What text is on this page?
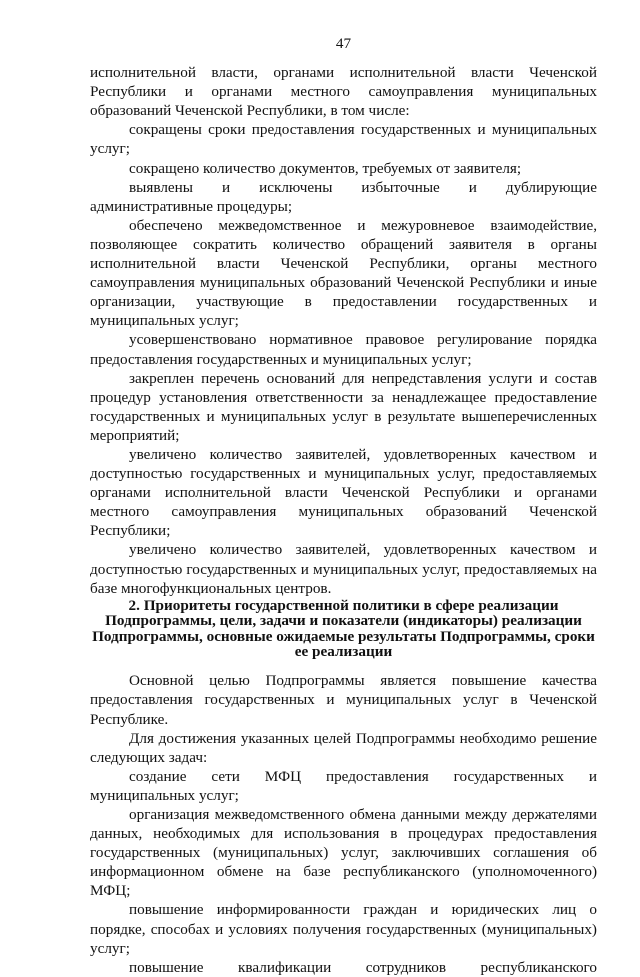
47

исполнительной власти, органами исполнительной власти Чеченской Республики и органами местного самоуправления муниципальных образований Чеченской Республики, в том числе:

сокращены сроки предоставления государственных и муниципальных услуг;

сокращено количество документов, требуемых от заявителя;

выявлены и исключены избыточные и дублирующие административные процедуры;

обеспечено межведомственное и межуровневое взаимодействие, позволяющее сократить количество обращений заявителя в органы исполнительной власти Чеченской Республики, органы местного самоуправления муниципальных образований Чеченской Республики и иные организации, участвующие в предоставлении государственных и муниципальных услуг;

усовершенствовано нормативное правовое регулирование порядка предоставления государственных и муниципальных услуг;

закреплен перечень оснований для непредставления услуги и состав процедур установления ответственности за ненадлежащее предоставление государственных и муниципальных услуг в результате вышеперечисленных мероприятий;

увеличено количество заявителей, удовлетворенных качеством и доступностью государственных и муниципальных услуг, предоставляемых органами исполнительной власти Чеченской Республики и органами местного самоуправления муниципальных образований Чеченской Республики;

увеличено количество заявителей, удовлетворенных качеством и доступностью государственных и муниципальных услуг, предоставляемых на базе многофункциональных центров.

2. Приоритеты государственной политики в сфере реализации
Подпрограммы, цели, задачи и показатели (индикаторы) реализации
Подпрограммы, основные ожидаемые результаты Подпрограммы, сроки
ее реализации

Основной целью Подпрограммы является повышение качества предоставления государственных и муниципальных услуг в Чеченской Республике.

Для достижения указанных целей Подпрограммы необходимо решение следующих задач:

создание сети МФЦ предоставления государственных и муниципальных услуг;

организация межведомственного обмена данными между держателями данных, необходимых для использования в процедурах предоставления государственных (муниципальных) услуг, заключивших соглашения об информационном обмене на базе республиканского (уполномоченного) МФЦ;

повышение информированности граждан и юридических лиц о порядке, способах и условиях получения государственных (муниципальных) услуг;

повышение квалификации сотрудников республиканского
